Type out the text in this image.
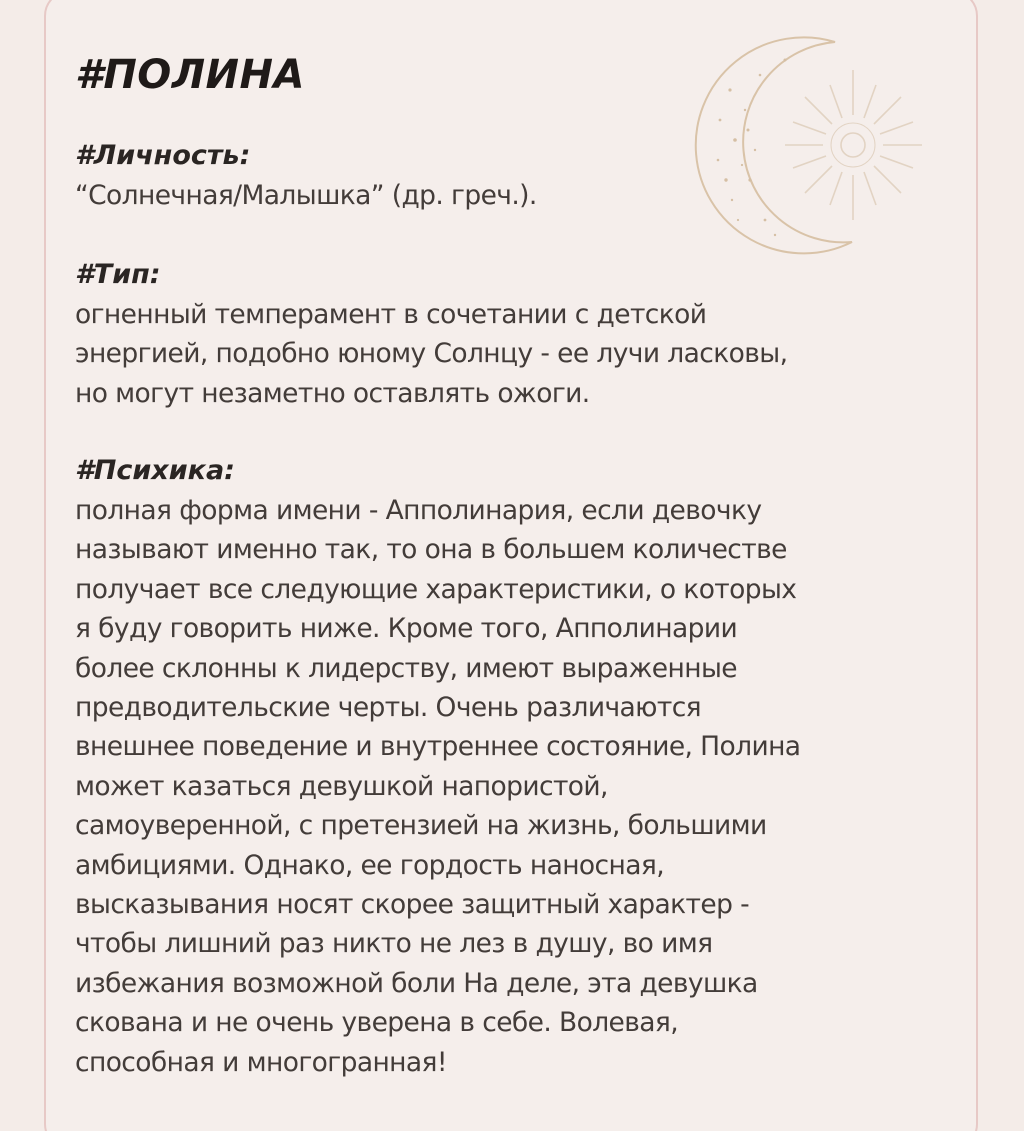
#ПОЛИНА

#Личность:

“Солнечная/Малышка” (др. греч.).

#Тип:

огненный темперамент в сочетании с детской
энергией, подобно юному Солнцу - ее лучи ласковы,
но могут незаметно оставлять ожоги.

#Психика:

полная форма имени - Апполинария, если девочку
называют именно так, то она в большем количестве
получает все следующие характеристики, о которых
я буду говорить ниже. Кроме того, Апполинарии
более склонны к лидерству, имеют выраженные
предводительские черты. Очень различаются
внешнее поведение и внутреннее состояние, Полина
может казаться девушкой напористой,
самоуверенной, с претензией на жизнь, большими
амбициями. Однако, ее гордость наносная,
высказывания носят скорее защитный характер -
чтобы лишний раз никто не лез в душу, во имя
избежания возможной боли На деле, эта девушка
скована и не очень уверена в себе. Волевая,
способная и многогранная!
